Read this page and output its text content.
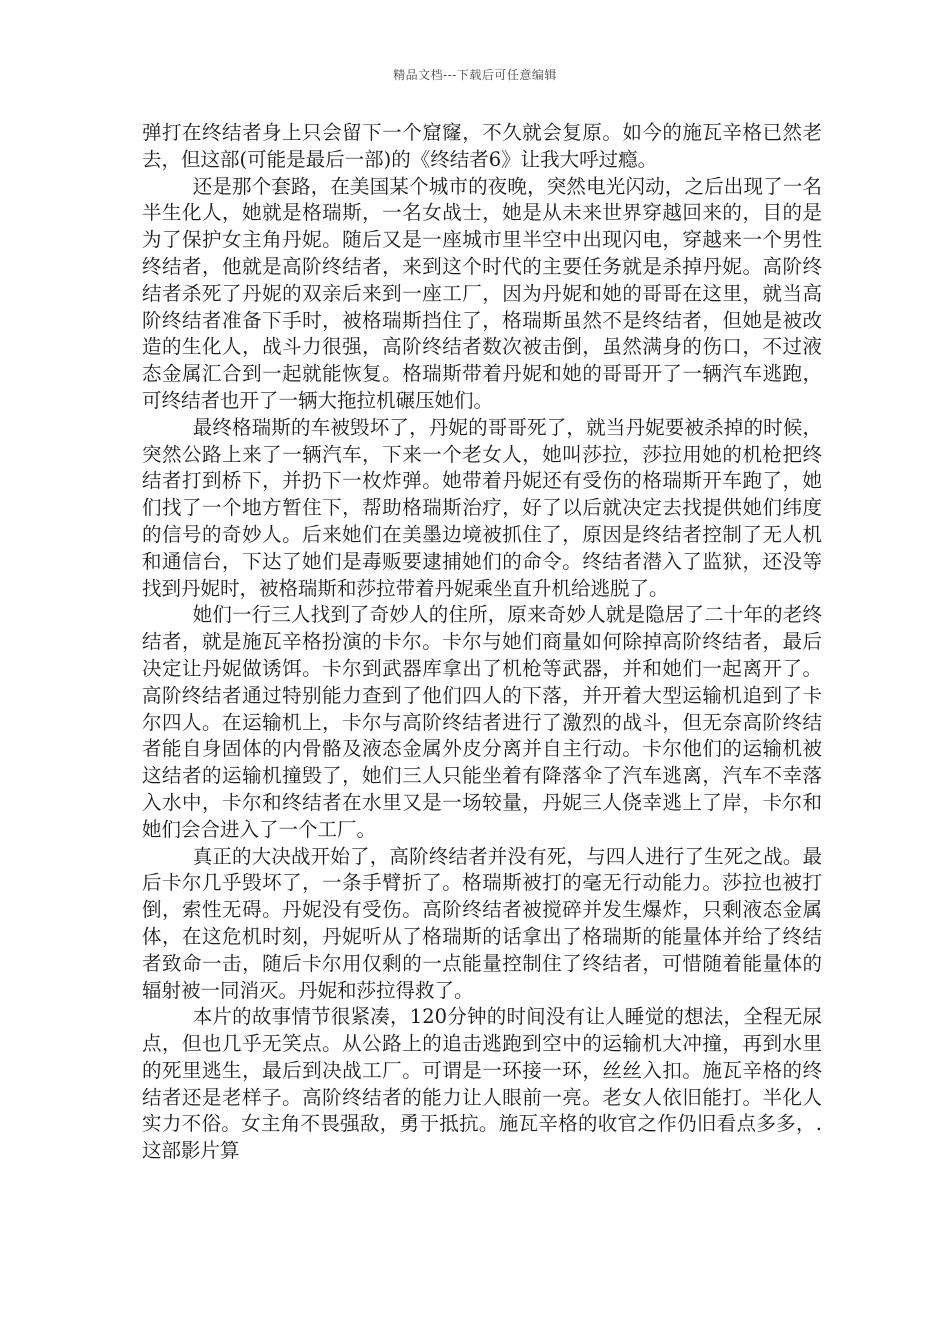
精品文档---下载后可任意编辑

弹打在终结者身上只会留下一个窟窿，不久就会复原。如今的施瓦辛格已然老去，但这部(可能是最后一部)的《终结者6》让我大呼过瘾。

还是那个套路，在美国某个城市的夜晚，突然电光闪动，之后出现了一名半生化人，她就是格瑞斯，一名女战士，她是从未来世界穿越回来的，目的是为了保护女主角丹妮。随后又是一座城市里半空中出现闪电，穿越来一个男性终结者，他就是高阶终结者，来到这个时代的主要任务就是杀掉丹妮。高阶终结者杀死了丹妮的双亲后来到一座工厂，因为丹妮和她的哥哥在这里，就当高阶终结者准备下手时，被格瑞斯挡住了，格瑞斯虽然不是终结者，但她是被改造的生化人，战斗力很强，高阶终结者数次被击倒，虽然满身的伤口，不过液态金属汇合到一起就能恢复。格瑞斯带着丹妮和她的哥哥开了一辆汽车逃跑，可终结者也开了一辆大拖拉机碾压她们。

最终格瑞斯的车被毁坏了，丹妮的哥哥死了，就当丹妮要被杀掉的时候，突然公路上来了一辆汽车，下来一个老女人，她叫莎拉，莎拉用她的机枪把终结者打到桥下，并扔下一枚炸弹。她带着丹妮还有受伤的格瑞斯开车跑了，她们找了一个地方暂住下，帮助格瑞斯治疗，好了以后就决定去找提供她们纬度的信号的奇妙人。后来她们在美墨边境被抓住了，原因是终结者控制了无人机和通信台，下达了她们是毒贩要逮捕她们的命令。终结者潜入了监狱，还没等找到丹妮时，被格瑞斯和莎拉带着丹妮乘坐直升机给逃脱了。

她们一行三人找到了奇妙人的住所，原来奇妙人就是隐居了二十年的老终结者，就是施瓦辛格扮演的卡尔。卡尔与她们商量如何除掉高阶终结者，最后决定让丹妮做诱饵。卡尔到武器库拿出了机枪等武器，并和她们一起离开了。高阶终结者通过特别能力查到了他们四人的下落，并开着大型运输机追到了卡尔四人。在运输机上，卡尔与高阶终结者进行了激烈的战斗，但无奈高阶终结者能自身固体的内骨骼及液态金属外皮分离并自主行动。卡尔他们的运输机被这结者的运输机撞毁了，她们三人只能坐着有降落伞了汽车逃离，汽车不幸落入水中，卡尔和终结者在水里又是一场较量，丹妮三人侥幸逃上了岸，卡尔和她们会合进入了一个工厂。

真正的大决战开始了，高阶终结者并没有死，与四人进行了生死之战。最后卡尔几乎毁坏了，一条手臂折了。格瑞斯被打的毫无行动能力。莎拉也被打倒，索性无碍。丹妮没有受伤。高阶终结者被搅碎并发生爆炸，只剩液态金属体，在这危机时刻，丹妮听从了格瑞斯的话拿出了格瑞斯的能量体并给了终结者致命一击，随后卡尔用仅剩的一点能量控制住了终结者，可惜随着能量体的辐射被一同消灭。丹妮和莎拉得救了。

本片的故事情节很紧凑，120分钟的时间没有让人睡觉的想法，全程无尿点，但也几乎无笑点。从公路上的追击逃跑到空中的运输机大冲撞，再到水里的死里逃生，最后到决战工厂。可谓是一环接一环，丝丝入扣。施瓦辛格的终结者还是老样子。高阶终结者的能力让人眼前一亮。老女人依旧能打。半化人实力不俗。女主角不畏强敌，勇于抵抗。施瓦辛格的收官之作仍旧看点多多，.这部影片算
